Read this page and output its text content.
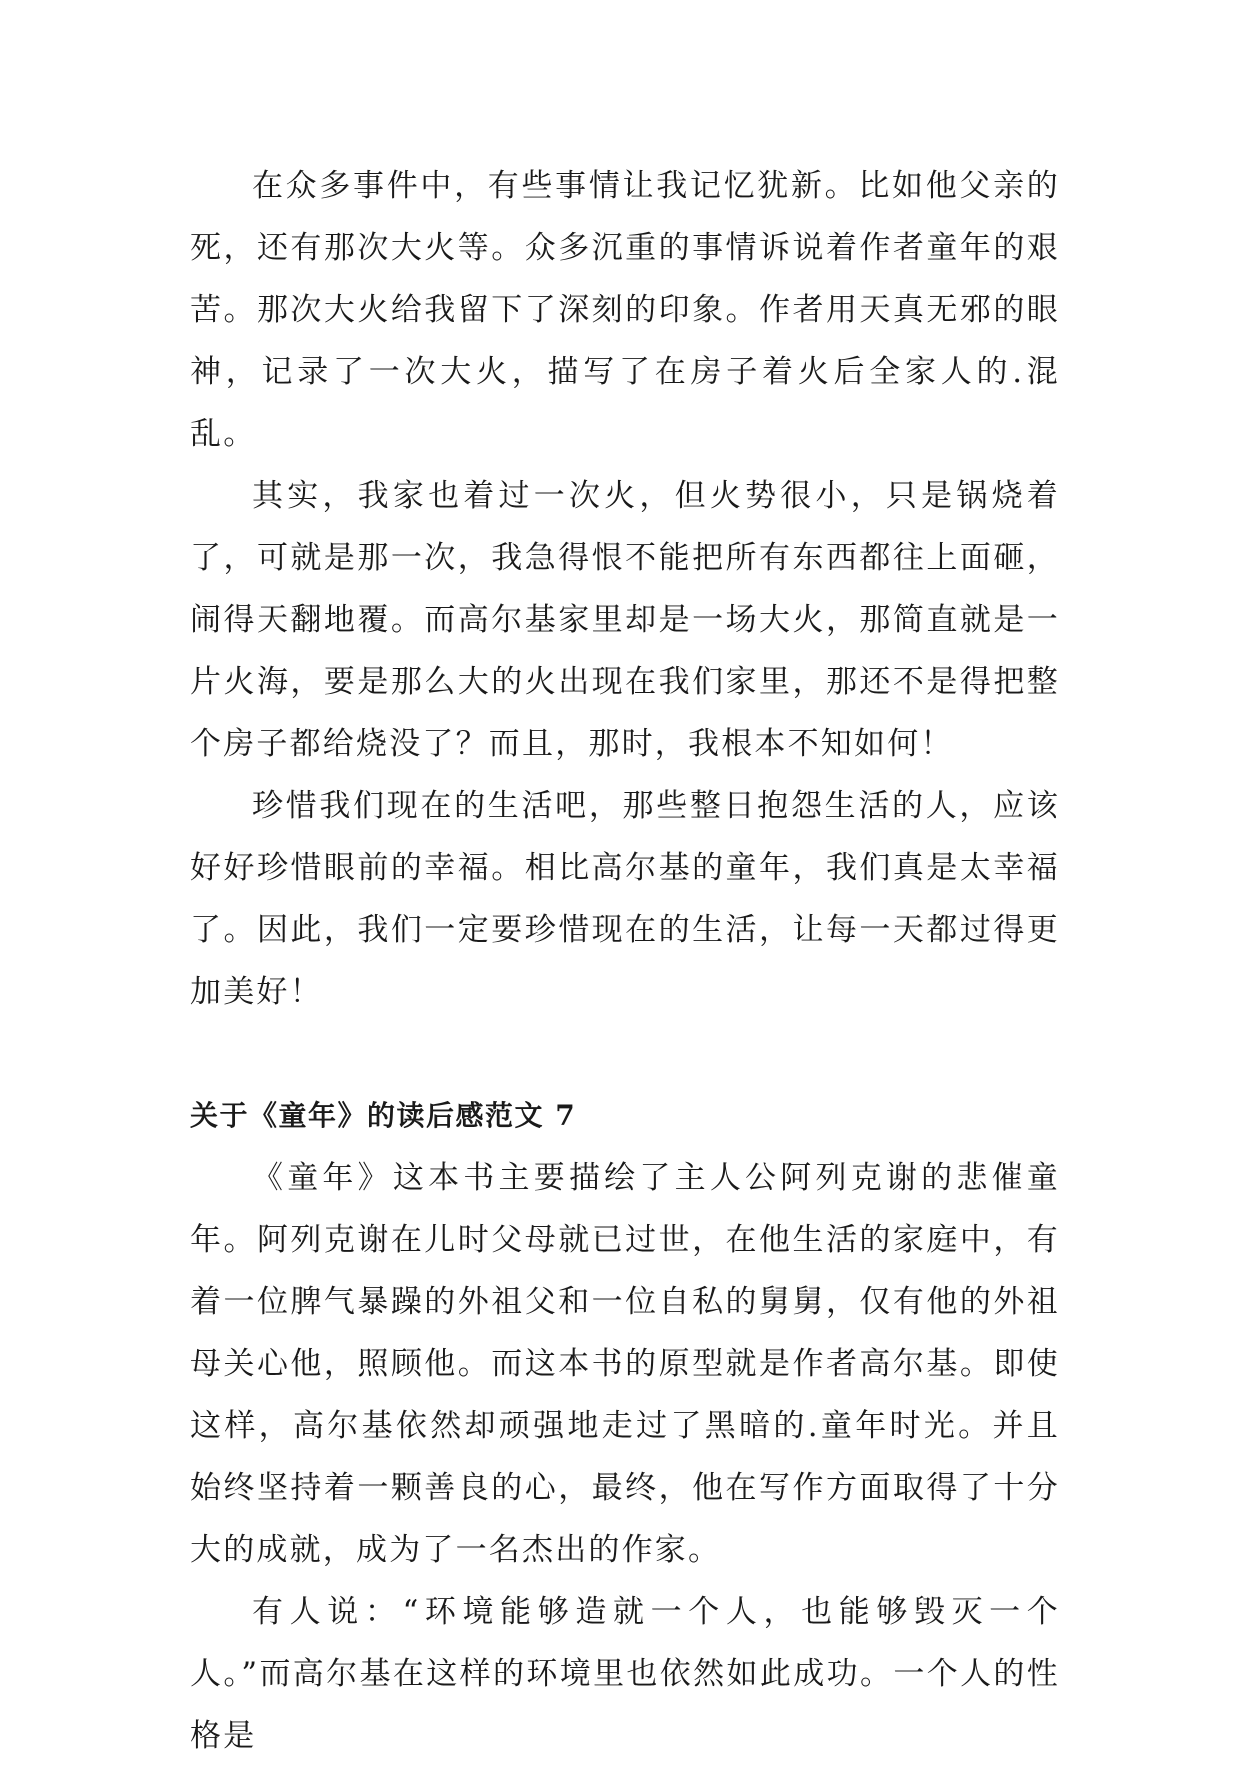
在众多事件中，有些事情让我记忆犹新。比如他父亲的死，还有那次大火等。众多沉重的事情诉说着作者童年的艰苦。那次大火给我留下了深刻的印象。作者用天真无邪的眼神，记录了一次大火，描写了在房子着火后全家人的.混乱。

其实，我家也着过一次火，但火势很小，只是锅烧着了，可就是那一次，我急得恨不能把所有东西都往上面砸，闹得天翻地覆。而高尔基家里却是一场大火，那简直就是一片火海，要是那么大的火出现在我们家里，那还不是得把整个房子都给烧没了？而且，那时，我根本不知如何！

珍惜我们现在的生活吧，那些整日抱怨生活的人，应该好好珍惜眼前的幸福。相比高尔基的童年，我们真是太幸福了。因此，我们一定要珍惜现在的生活，让每一天都过得更加美好！

关于《童年》的读后感范文 7

《童年》这本书主要描绘了主人公阿列克谢的悲催童年。阿列克谢在儿时父母就已过世，在他生活的家庭中，有着一位脾气暴躁的外祖父和一位自私的舅舅，仅有他的外祖母关心他，照顾他。而这本书的原型就是作者高尔基。即使这样，高尔基依然却顽强地走过了黑暗的.童年时光。并且始终坚持着一颗善良的心，最终，他在写作方面取得了十分大的成就，成为了一名杰出的作家。

有人说：“环境能够造就一个人，也能够毁灭一个人。”而高尔基在这样的环境里也依然如此成功。一个人的性格是
